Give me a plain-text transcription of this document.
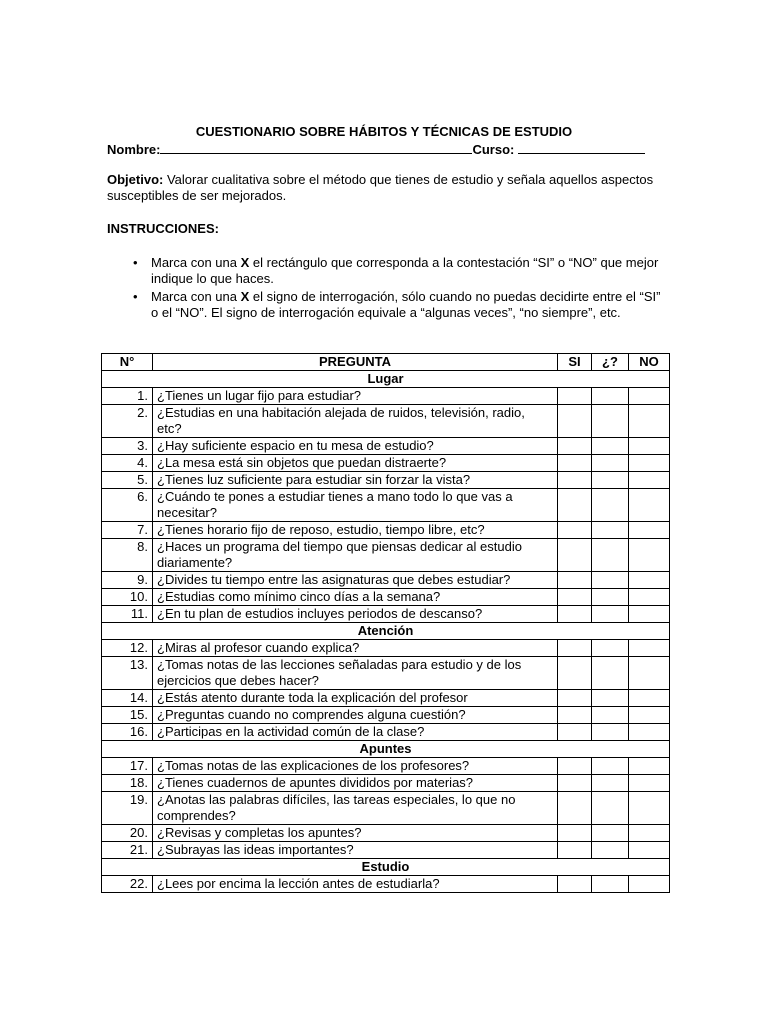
CUESTIONARIO SOBRE HÁBITOS Y TÉCNICAS DE ESTUDIO
Nombre:	Curso:
Objetivo: Valorar cualitativa sobre el método que tienes de estudio y señala aquellos aspectos susceptibles de ser mejorados.
INSTRUCCIONES:
• Marca con una X el rectángulo que corresponda a la contestación “SI” o “NO” que mejor indique lo que haces.
• Marca con una X el signo de interrogación, sólo cuando no puedas decidirte entre el “SI” o el “NO”. El signo de interrogación equivale a “algunas veces”, “no siempre”, etc.
N°	PREGUNTA	SI	¿?	NO
Lugar				
1.	¿Tienes un lugar fijo para estudiar?			
2.	¿Estudias en una habitación alejada de ruidos, televisión, radio, etc?			
3.	¿Hay suficiente espacio en tu mesa de estudio?			
4.	¿La mesa está sin objetos que puedan distraerte?			
5.	¿Tienes luz suficiente para estudiar sin forzar la vista?			
6.	¿Cuándo te pones a estudiar tienes a mano todo lo que vas a necesitar?			
7.	¿Tienes horario fijo de reposo, estudio, tiempo libre, etc?			
8.	¿Haces un programa del tiempo que piensas dedicar al estudio diariamente?			
9.	¿Divides tu tiempo entre las asignaturas que debes estudiar?			
10.	¿Estudias como mínimo cinco días a la semana?			
11.	¿En tu plan de estudios incluyes periodos de descanso?			
Atención				
12.	¿Miras al profesor cuando explica?			
13.	¿Tomas notas de las lecciones señaladas para estudio y de los ejercicios que debes hacer?			
14.	¿Estás atento durante toda la explicación del profesor			
15.	¿Preguntas cuando no comprendes alguna cuestión?			
16.	¿Participas en la actividad común de la clase?			
Apuntes				
17.	¿Tomas notas de las explicaciones de los profesores?			
18.	¿Tienes cuadernos de apuntes divididos por materias?			
19.	¿Anotas las palabras difíciles, las tareas especiales, lo que no comprendes?			
20.	¿Revisas y completas los apuntes?			
21.	¿Subrayas las ideas importantes?			
Estudio				
22.	¿Lees por encima la lección antes de estudiarla?			
